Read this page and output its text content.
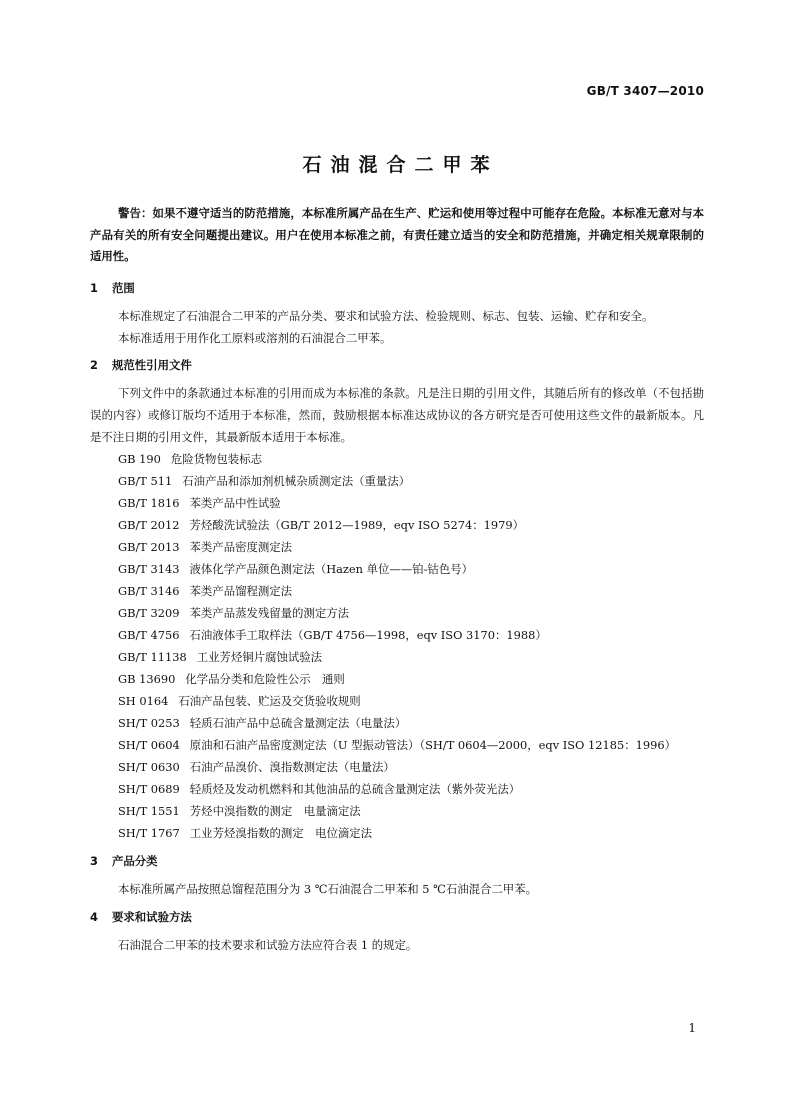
GB/T 3407—2010
石油混合二甲苯

警告：如果不遵守适当的防范措施，本标准所属产品在生产、贮运和使用等过程中可能存在危险。本标准无意对与本产品有关的所有安全问题提出建议。用户在使用本标准之前，有责任建立适当的安全和防范措施，并确定相关规章限制的适用性。

1 范围

本标准规定了石油混合二甲苯的产品分类、要求和试验方法、检验规则、标志、包装、运输、贮存和安全。

本标准适用于用作化工原料或溶剂的石油混合二甲苯。

2 规范性引用文件

下列文件中的条款通过本标准的引用而成为本标准的条款。凡是注日期的引用文件，其随后所有的修改单（不包括勘误的内容）或修订版均不适用于本标准，然而，鼓励根据本标准达成协议的各方研究是否可使用这些文件的最新版本。凡是不注日期的引用文件，其最新版本适用于本标准。

GB 190 危险货物包装标志

GB/T 511 石油产品和添加剂机械杂质测定法（重量法）

GB/T 1816 苯类产品中性试验

GB/T 2012 芳烃酸洗试验法（GB/T 2012—1989，eqv ISO 5274：1979）

GB/T 2013 苯类产品密度测定法

GB/T 3143 液体化学产品颜色测定法（Hazen 单位——铂-钴色号）

GB/T 3146 苯类产品馏程测定法

GB/T 3209 苯类产品蒸发残留量的测定方法

GB/T 4756 石油液体手工取样法（GB/T 4756—1998，eqv ISO 3170：1988）

GB/T 11138 工业芳烃铜片腐蚀试验法

GB 13690 化学品分类和危险性公示　通则

SH 0164 石油产品包装、贮运及交货验收规则

SH/T 0253 轻质石油产品中总硫含量测定法（电量法）

SH/T 0604 原油和石油产品密度测定法（U 型振动管法）（SH/T 0604—2000，eqv ISO 12185：1996）

SH/T 0630 石油产品溴价、溴指数测定法（电量法）

SH/T 0689 轻质烃及发动机燃料和其他油品的总硫含量测定法（紫外荧光法）

SH/T 1551 芳烃中溴指数的测定　电量滴定法

SH/T 1767 工业芳烃溴指数的测定　电位滴定法

3 产品分类

本标准所属产品按照总馏程范围分为 3 ℃石油混合二甲苯和 5 ℃石油混合二甲苯。

4 要求和试验方法

石油混合二甲苯的技术要求和试验方法应符合表 1 的规定。

1
